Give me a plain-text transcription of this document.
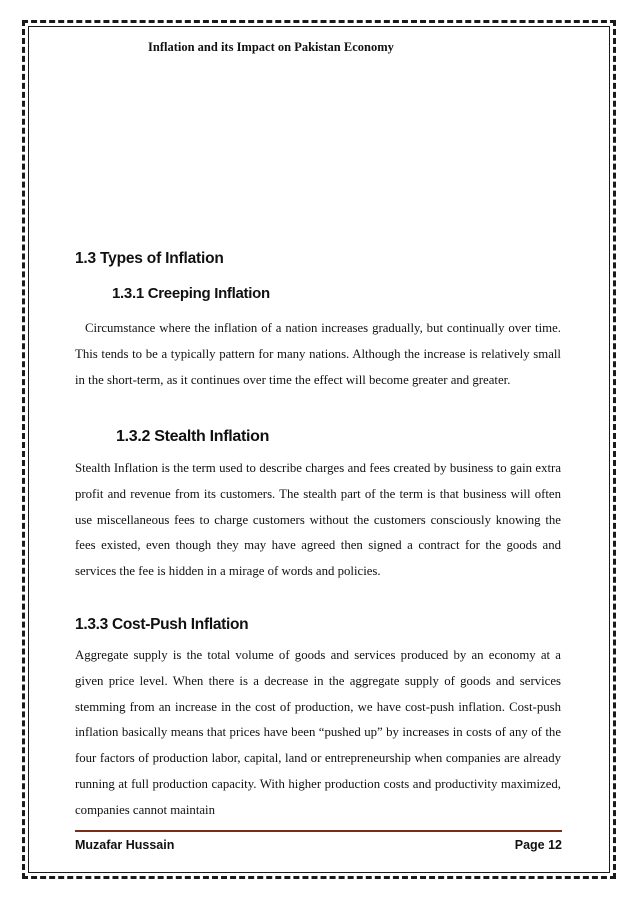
Inflation and its Impact on Pakistan Economy
1.3 Types of Inflation
1.3.1 Creeping Inflation

Circumstance where the inflation of a nation increases gradually, but continually over time. This tends to be a typically pattern for many nations. Although the increase is relatively small in the short-term, as it continues over time the effect will become greater and greater.

1.3.2 Stealth Inflation

Stealth Inflation is the term used to describe charges and fees created by business to gain extra profit and revenue from its customers. The stealth part of the term is that business will often use miscellaneous fees to charge customers without the customers consciously knowing the fees existed, even though they may have agreed then signed a contract for the goods and services the fee is hidden in a mirage of words and policies.

1.3.3 Cost-Push Inflation

Aggregate supply is the total volume of goods and services produced by an economy at a given price level. When there is a decrease in the aggregate supply of goods and services stemming from an increase in the cost of production, we have cost-push inflation. Cost-push inflation basically means that prices have been “pushed up” by increases in costs of any of the four factors of production labor, capital, land or entrepreneurship when companies are already running at full production capacity. With higher production costs and productivity maximized, companies cannot maintain

Muzafar Hussain	Page 12
